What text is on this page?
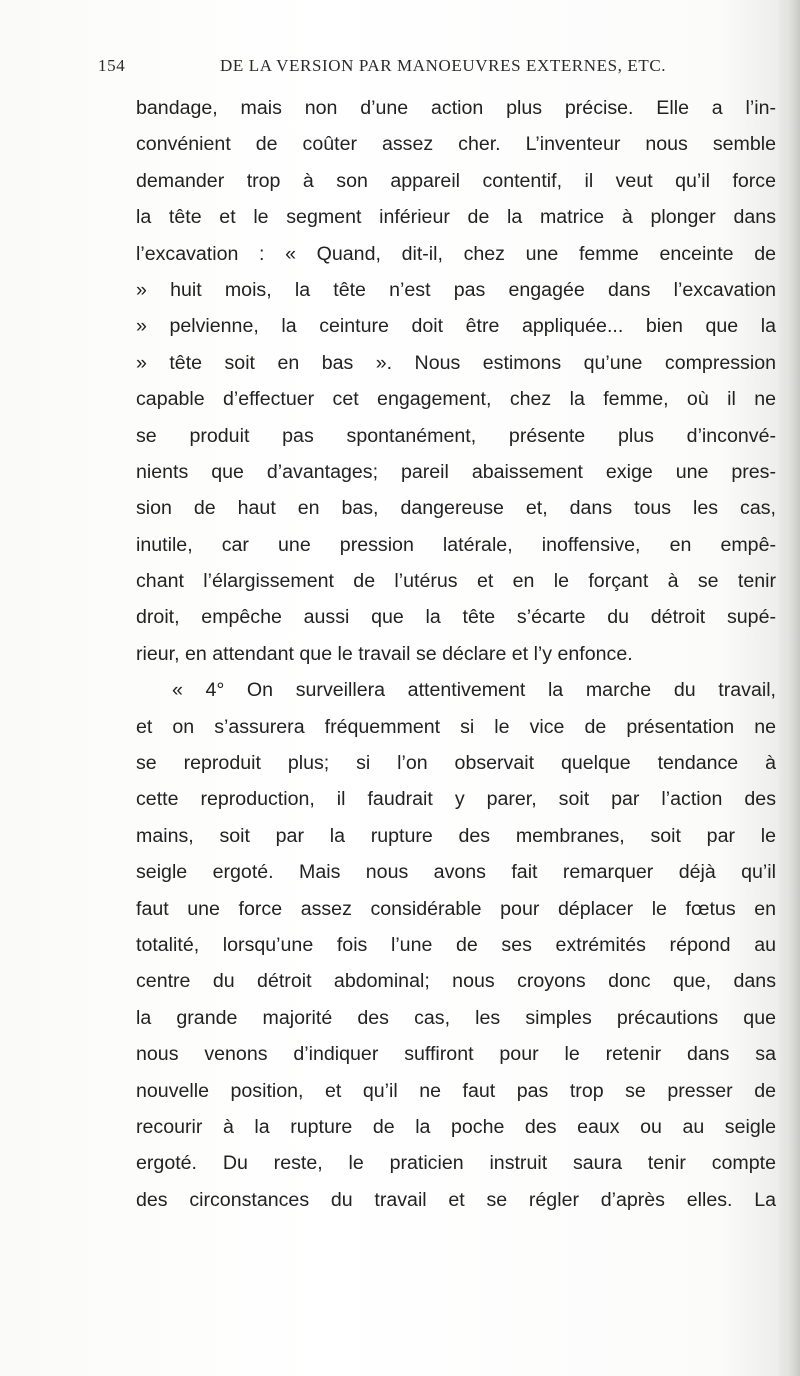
154	DE LA VERSION PAR MANOEUVRES EXTERNES, ETC.
bandage, mais non d’une action plus précise. Elle a l’in-
convénient de coûter assez cher. L’inventeur nous semble
demander trop à son appareil contentif, il veut qu’il force
la tête et le segment inférieur de la matrice à plonger dans
l’excavation : « Quand, dit-il, chez une femme enceinte de
» huit mois, la tête n’est pas engagée dans l’excavation
» pelvienne, la ceinture doit être appliquée... bien que la
» tête soit en bas ». Nous estimons qu’une compression
capable d’effectuer cet engagement, chez la femme, où il ne
se produit pas spontanément, présente plus d’inconvé-
nients que d’avantages; pareil abaissement exige une pres-
sion de haut en bas, dangereuse et, dans tous les cas,
inutile, car une pression latérale, inoffensive, en empê-
chant l’élargissement de l’utérus et en le forçant à se tenir
droit, empêche aussi que la tête s’écarte du détroit supé-
rieur, en attendant que le travail se déclare et l’y enfonce.
« 4° On surveillera attentivement la marche du travail,
et on s’assurera fréquemment si le vice de présentation ne
se reproduit plus; si l’on observait quelque tendance à
cette reproduction, il faudrait y parer, soit par l’action des
mains, soit par la rupture des membranes, soit par le
seigle ergoté. Mais nous avons fait remarquer déjà qu’il
faut une force assez considérable pour déplacer le fœtus en
totalité, lorsqu’une fois l’une de ses extrémités répond au
centre du détroit abdominal; nous croyons donc que, dans
la grande majorité des cas, les simples précautions que
nous venons d’indiquer suffiront pour le retenir dans sa
nouvelle position, et qu’il ne faut pas trop se presser de
recourir à la rupture de la poche des eaux ou au seigle
ergoté. Du reste, le praticien instruit saura tenir compte
des circonstances du travail et se régler d’après elles. La
